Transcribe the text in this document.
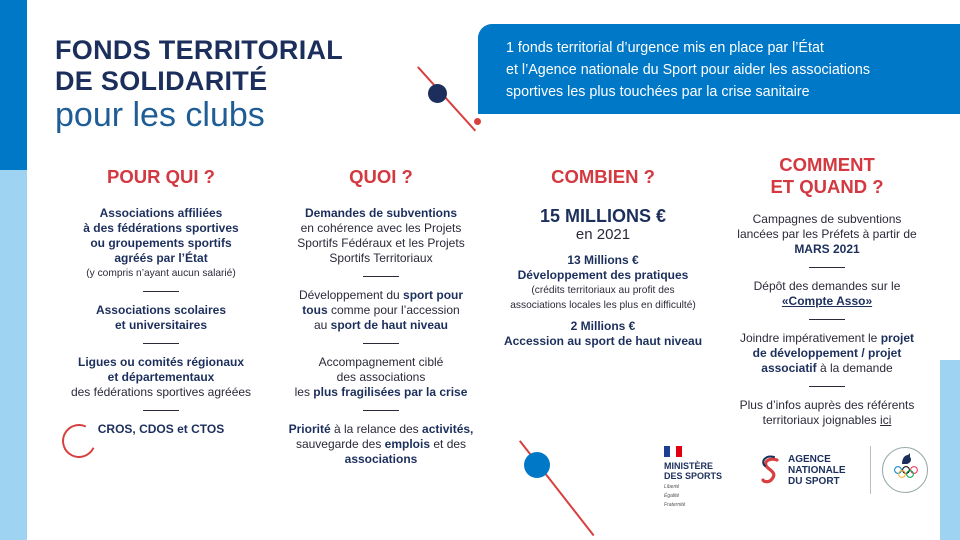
FONDS TERRITORIAL
DE SOLIDARITÉ
pour les clubs
1 fonds territorial d’urgence mis en place par l’État
et l’Agence nationale du Sport pour aider les associations
sportives les plus touchées par la crise sanitaire
POUR QUI ?
Associations affiliées
à des fédérations sportives
ou groupements sportifs
agréés par l’État
(y compris n’ayant aucun salarié)
Associations scolaires
et universitaires
Ligues ou comités régionaux
et départementaux
des fédérations sportives agréées
CROS, CDOS et CTOS
QUOI ?
Demandes de subventions
en cohérence avec les Projets
Sportifs Fédéraux et les Projets
Sportifs Territoriaux
Développement du sport pour
tous comme pour l’accession
au sport de haut niveau
Accompagnement ciblé
des associations
les plus fragilisées par la crise
Priorité à la relance des activités,
sauvegarde des emplois et des
associations
COMBIEN ?
15 MILLIONS €
en 2021
13 Millions €
Développement des pratiques
(crédits territoriaux au profit des
associations locales les plus en difficulté)
2 Millions €
Accession au sport de haut niveau
COMMENT
ET QUAND ?
Campagnes de subventions
lancées par les Préfets à partir de
MARS 2021
Dépôt des demandes sur le
«Compte Asso»
Joindre impérativement le projet
de développement / projet
associatif à la demande
Plus d’infos auprès des référents
territoriaux joignables ici
MINISTÈRE
DES SPORTS
Liberté
Égalité
Fraternité
AGENCE
NATIONALE
DU SPORT
